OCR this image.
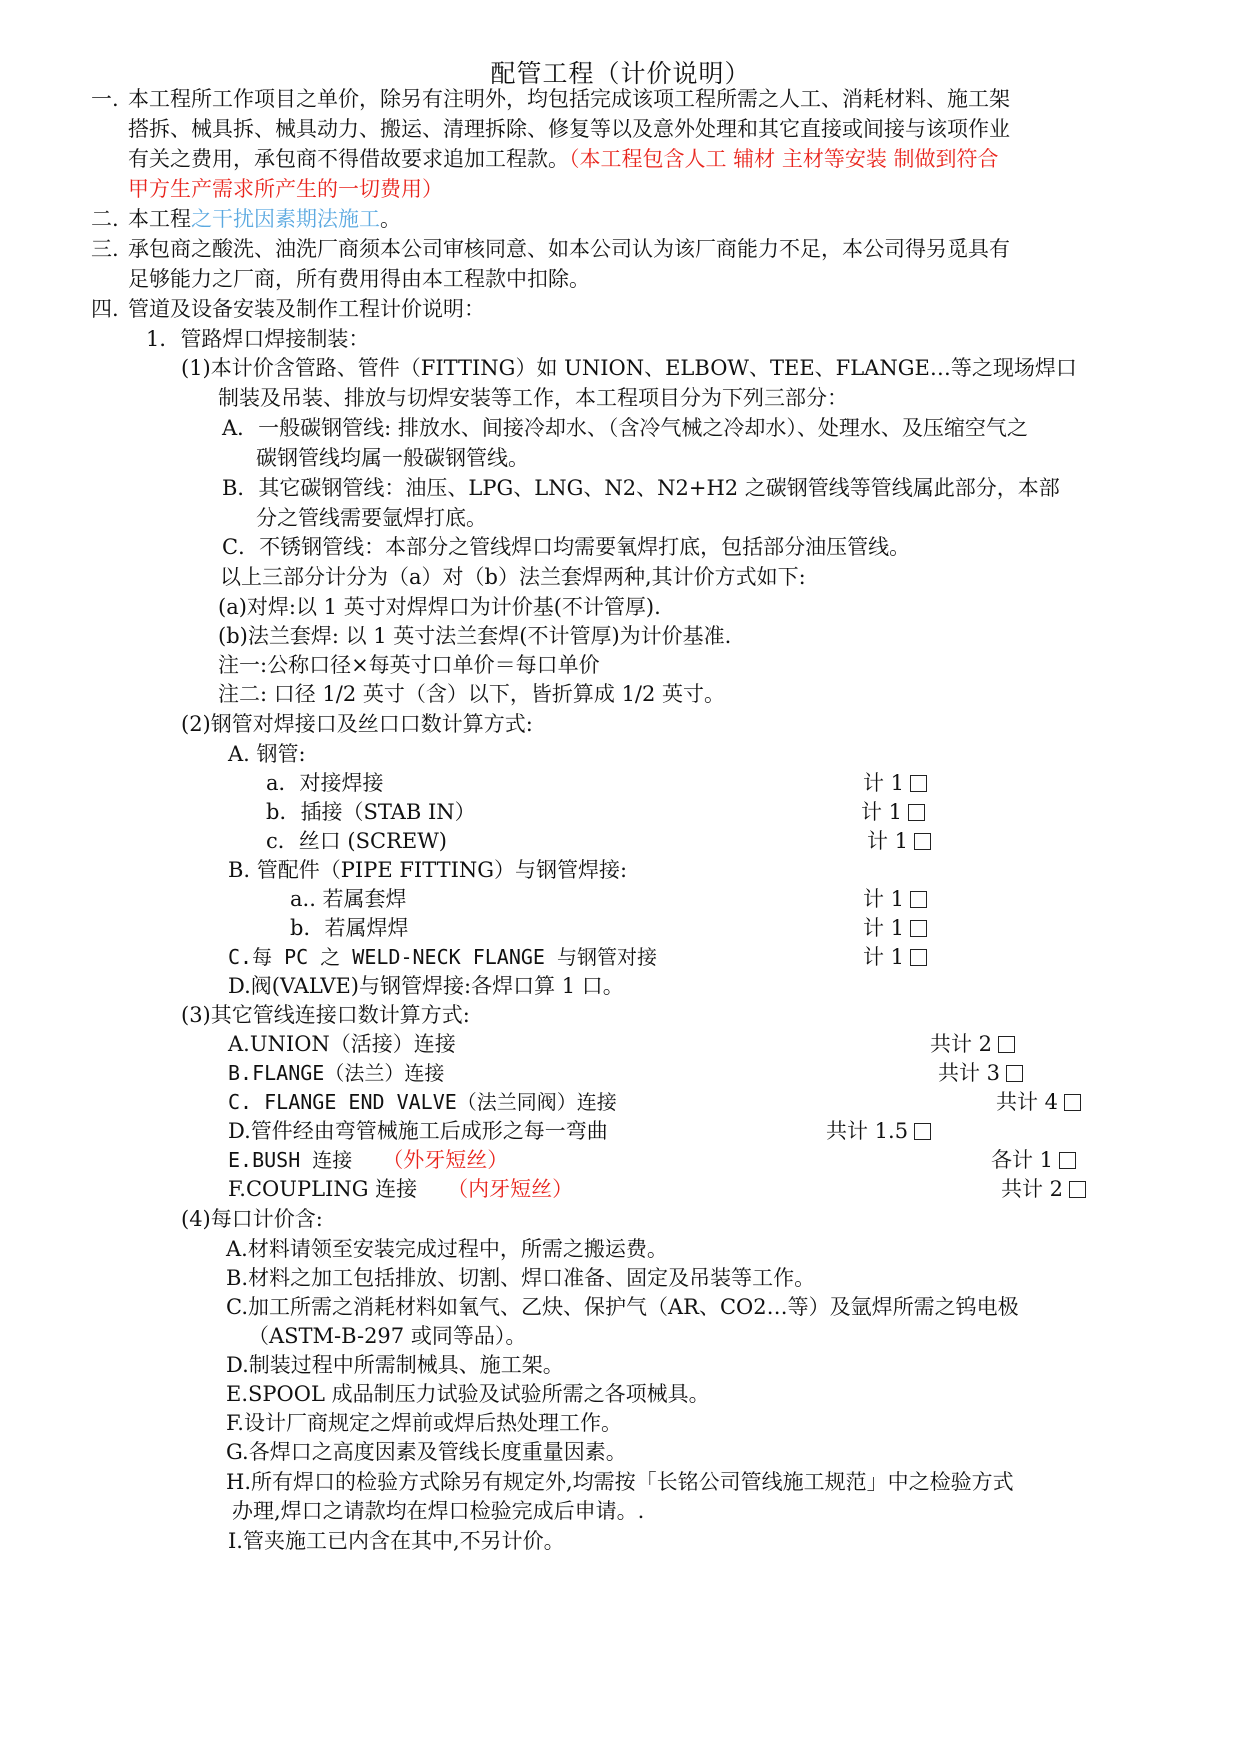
配管工程（计价说明）
一. 本工程所工作项目之单价，除另有注明外，均包括完成该项工程所需之人工、消耗材料、施工架
搭拆、械具拆、械具动力、搬运、清理拆除、修复等以及意外处理和其它直接或间接与该项作业
有关之费用，承包商不得借故要求追加工程款。（本工程包含人工 辅材 主材等安装 制做到符合
甲方生产需求所产生的一切费用）
二. 本工程之干扰因素期法施工。
三. 承包商之酸洗、油洗厂商须本公司审核同意、如本公司认为该厂商能力不足，本公司得另觅具有
足够能力之厂商，所有费用得由本工程款中扣除。
四. 管道及设备安装及制作工程计价说明：
1．管路焊口焊接制装：
(1)本计价含管路、管件（FITTING）如 UNION、ELBOW、TEE、FLANGE…等之现场焊口
制装及吊装、排放与切焊安装等工作，本工程项目分为下列三部分：
A．一般碳钢管线: 排放水、间接冷却水、（含冷气械之冷却水）、处理水、及压缩空气之
碳钢管线均属一般碳钢管线。
B．其它碳钢管线：油压、LPG、LNG、N2、N2+H2 之碳钢管线等管线属此部分，本部
分之管线需要氩焊打底。
C．不锈钢管线：本部分之管线焊口均需要氧焊打底，包括部分油压管线。
以上三部分计分为（a）对（b）法兰套焊两种,其计价方式如下:
(a)对焊:以 1 英寸对焊焊口为计价基(不计管厚).
(b)法兰套焊: 以 1 英寸法兰套焊(不计管厚)为计价基准.
注一:公称口径×每英寸口单价＝每口单价
注二: 口径 1/2 英寸（含）以下，皆折算成 1/2 英寸。
(2)钢管对焊接口及丝口口数计算方式:
A. 钢管:
a．对接焊接	计 1
b．插接（STAB IN）	计 1
c．丝口 (SCREW)	计 1
B. 管配件（PIPE FITTING）与钢管焊接:
a.. 若属套焊	计 1
b．若属焊焊	计 1
C.每 PC 之 WELD-NECK FLANGE 与钢管对接	计 1
D.阀(VALVE)与钢管焊接:各焊口算 1 口。
(3)其它管线连接口数计算方式:
A.UNION（活接）连接	共计 2
B.FLANGE（法兰）连接	共计 3
C. FLANGE END VALVE（法兰同阀）连接	共计 4
D.管件经由弯管械施工后成形之每一弯曲	共计 1.5
E.BUSH 连接 （外牙短丝）	各计 1
F.COUPLING 连接 （内牙短丝）	共计 2
(4)每口计价含:
A.材料请领至安装完成过程中，所需之搬运费。
B.材料之加工包括排放、切割、焊口准备、固定及吊装等工作。
C.加工所需之消耗材料如氧气、乙炔、保护气（AR、CO2…等）及氩焊所需之钨电极
（ASTM-B-297 或同等品）。
D.制装过程中所需制械具、施工架。
E.SPOOL 成品制压力试验及试验所需之各项械具。
F.设计厂商规定之焊前或焊后热处理工作。
G.各焊口之高度因素及管线长度重量因素。
H.所有焊口的检验方式除另有规定外,均需按「长铭公司管线施工规范」中之检验方式
办理,焊口之请款均在焊口检验完成后申请。.
I.管夹施工已内含在其中,不另计价。
